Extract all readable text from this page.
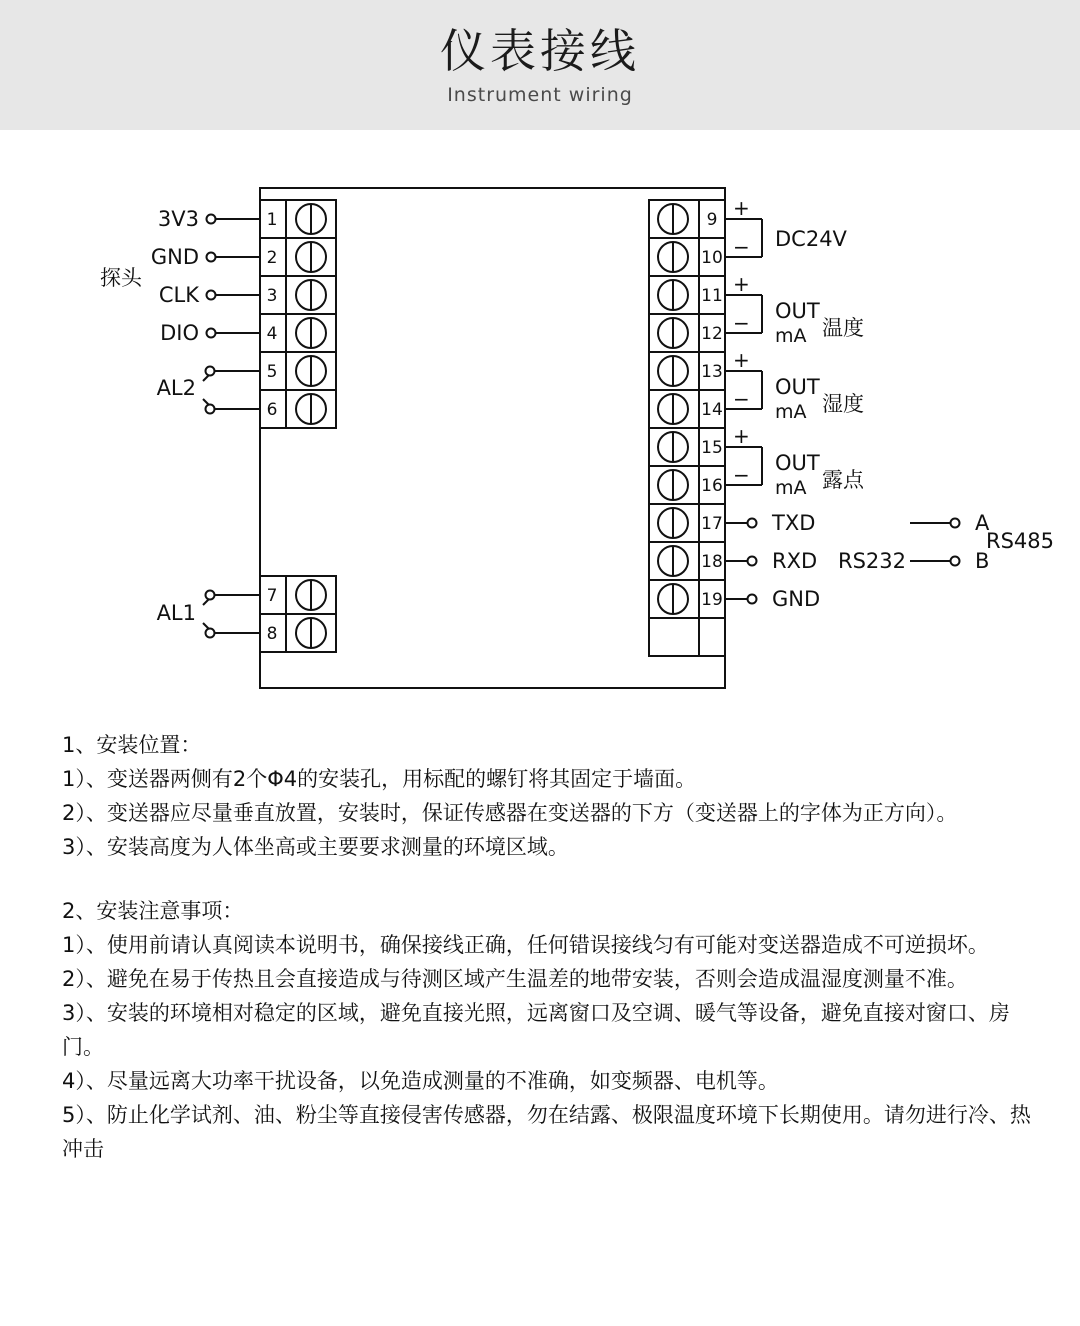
仪表接线
Instrument wiring
1
2
3
4
5
6
7
8
3V3
GND
CLK
DIO
探头
AL2
AL1
9
10
11
12
13
14
15
16
17
18
19
+
−
+
−
+
−
+
−
DC24V
OUT
mA 温度
OUT
mA 湿度
OUT
mA 露点
TXD
RXD
GND
RS232
A
B
RS485

1、安装位置：

1）、变送器两侧有2个Φ4的安装孔，用标配的螺钉将其固定于墙面。

2）、变送器应尽量垂直放置，安装时，保证传感器在变送器的下方（变送器上的字体为正方向）。

3）、安装高度为人体坐高或主要要求测量的环境区域。

2、安装注意事项：

1）、使用前请认真阅读本说明书，确保接线正确，任何错误接线匀有可能对变送器造成不可逆损坏。

2）、避免在易于传热且会直接造成与待测区域产生温差的地带安装，否则会造成温湿度测量不准。

3）、安装的环境相对稳定的区域，避免直接光照，远离窗口及空调、暖气等设备，避免直接对窗口、房门。

4）、尽量远离大功率干扰设备，以免造成测量的不准确，如变频器、电机等。

5）、防止化学试剂、油、粉尘等直接侵害传感器，勿在结露、极限温度环境下长期使用。请勿进行冷、热冲击
